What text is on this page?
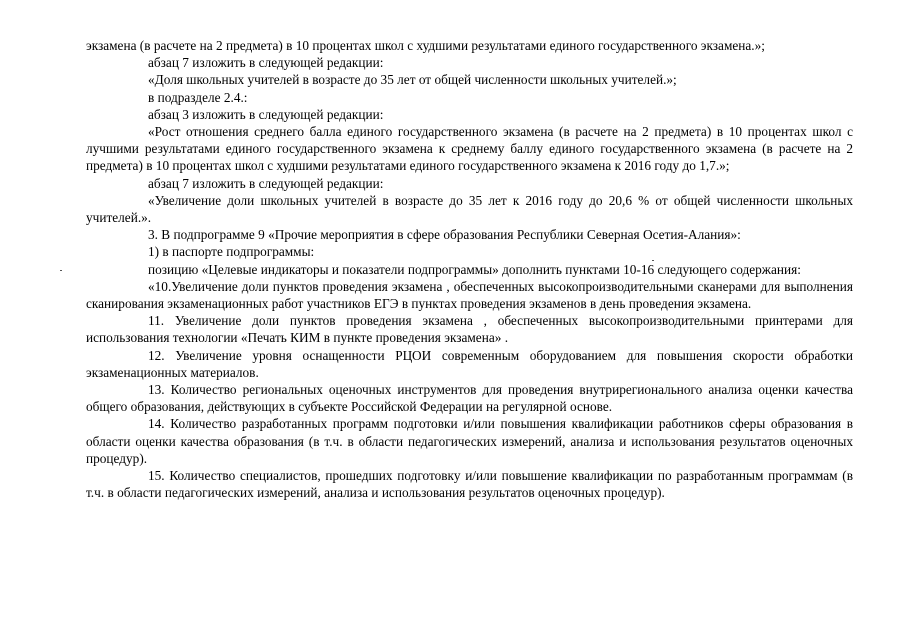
экзамена (в расчете на 2 предмета) в 10 процентах школ с худшими результатами единого государственного экзамена.»;

абзац 7 изложить в следующей редакции:

«Доля школьных учителей в возрасте до 35 лет от общей численности школьных учителей.»;

в подразделе 2.4.:

абзац 3 изложить в следующей редакции:

«Рост отношения среднего балла единого государственного экзамена (в расчете на 2 предмета) в 10 процентах школ с лучшими результатами единого государственного экзамена к среднему баллу единого государственного экзамена (в расчете на 2 предмета) в 10 процентах школ с худшими результатами единого государственного экзамена к 2016 году до 1,7.»;

абзац 7 изложить в следующей редакции:

«Увеличение доли школьных учителей в возрасте до 35 лет к 2016 году до 20,6 % от общей численности школьных учителей.».

3. В подпрограмме 9 «Прочие мероприятия в сфере образования Республики Северная Осетия-Алания»:

1) в паспорте подпрограммы:

позицию «Целевые индикаторы и показатели подпрограммы» дополнить пунктами 10-16 следующего содержания:

«10.Увеличение доли пунктов проведения экзамена , обеспеченных высокопроизводительными сканерами для выполнения сканирования экзаменационных работ участников ЕГЭ в пунктах проведения экзаменов в день проведения экзамена.

11. Увеличение доли пунктов проведения экзамена , обеспеченных высокопроизводительными принтерами для использования технологии «Печать КИМ в пункте проведения экзамена» .

12. Увеличение уровня оснащенности РЦОИ современным оборудованием для повышения скорости обработки экзаменационных материалов.

13. Количество региональных оценочных инструментов для проведения внутрирегионального анализа оценки качества общего образования, действующих в субъекте Российской Федерации на регулярной основе.

14. Количество разработанных программ подготовки и/или повышения квалификации работников сферы образования в области оценки качества образования (в т.ч. в области педагогических измерений, анализа и использования результатов оценочных процедур).

15. Количество специалистов, прошедших подготовку и/или повышение квалификации по разработанным программам (в т.ч. в области педагогических измерений, анализа и использования результатов оценочных процедур).
